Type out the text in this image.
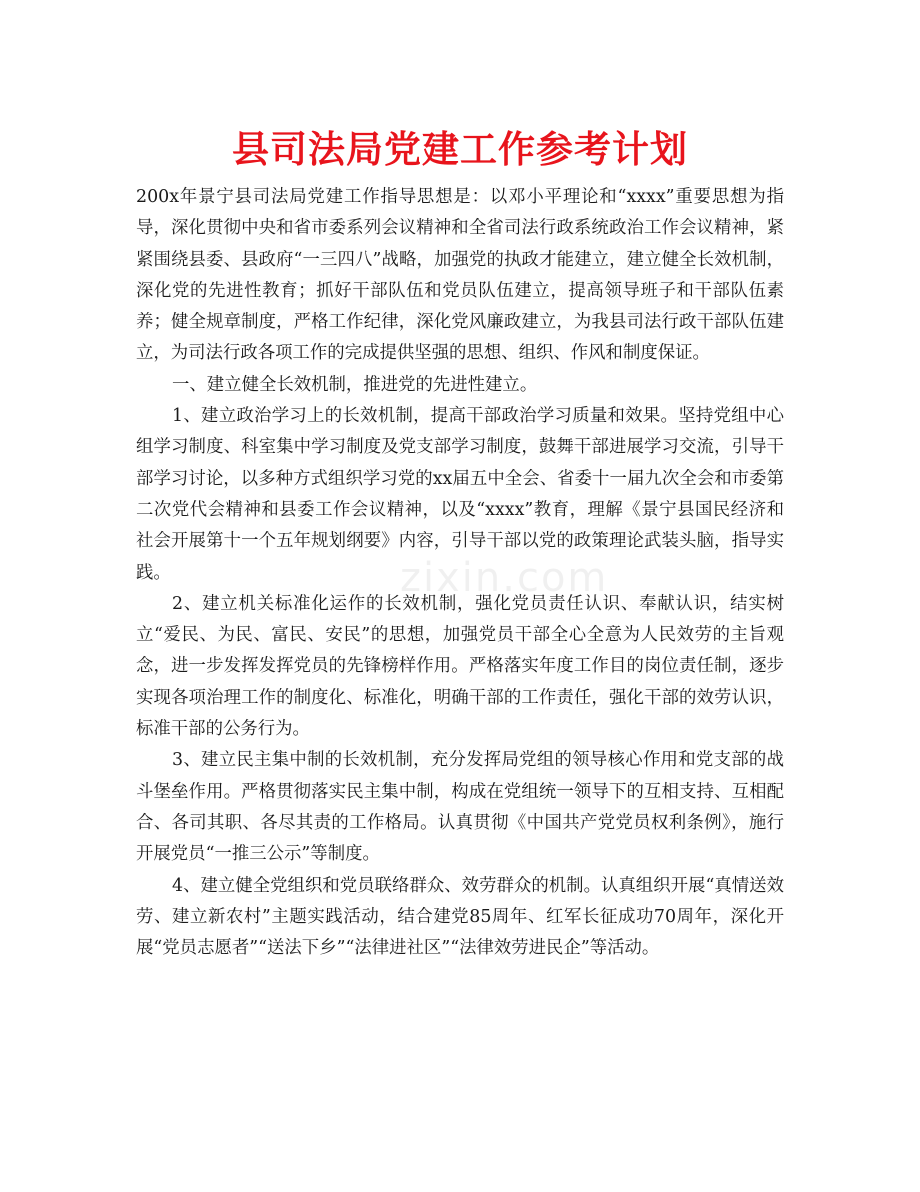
县司法局党建工作参考计划
zixin.com

200x年景宁县司法局党建工作指导思想是：以邓小平理论和“xxxx”重要思想为指导，深化贯彻中央和省市委系列会议精神和全省司法行政系统政治工作会议精神，紧紧围绕县委、县政府“一三四八”战略，加强党的执政才能建立，建立健全长效机制，深化党的先进性教育；抓好干部队伍和党员队伍建立，提高领导班子和干部队伍素养；健全规章制度，严格工作纪律，深化党风廉政建立，为我县司法行政干部队伍建立，为司法行政各项工作的完成提供坚强的思想、组织、作风和制度保证。

一、建立健全长效机制，推进党的先进性建立。

1、建立政治学习上的长效机制，提高干部政治学习质量和效果。坚持党组中心组学习制度、科室集中学习制度及党支部学习制度，鼓舞干部进展学习交流，引导干部学习讨论，以多种方式组织学习党的xx届五中全会、省委十一届九次全会和市委第二次党代会精神和县委工作会议精神，以及“xxxx”教育，理解《景宁县国民经济和社会开展第十一个五年规划纲要》内容，引导干部以党的政策理论武装头脑，指导实践。

2、建立机关标准化运作的长效机制，强化党员责任认识、奉献认识，结实树立“爱民、为民、富民、安民”的思想，加强党员干部全心全意为人民效劳的主旨观念，进一步发挥发挥党员的先锋榜样作用。严格落实年度工作目的岗位责任制，逐步实现各项治理工作的制度化、标准化，明确干部的工作责任，强化干部的效劳认识，标准干部的公务行为。

3、建立民主集中制的长效机制，充分发挥局党组的领导核心作用和党支部的战斗堡垒作用。严格贯彻落实民主集中制，构成在党组统一领导下的互相支持、互相配合、各司其职、各尽其责的工作格局。认真贯彻《中国共产党党员权利条例》，施行开展党员“一推三公示”等制度。

4、建立健全党组织和党员联络群众、效劳群众的机制。认真组织开展“真情送效劳、建立新农村”主题实践活动，结合建党85周年、红军长征成功70周年，深化开展“党员志愿者”“送法下乡”“法律进社区”“法律效劳进民企”等活动。
